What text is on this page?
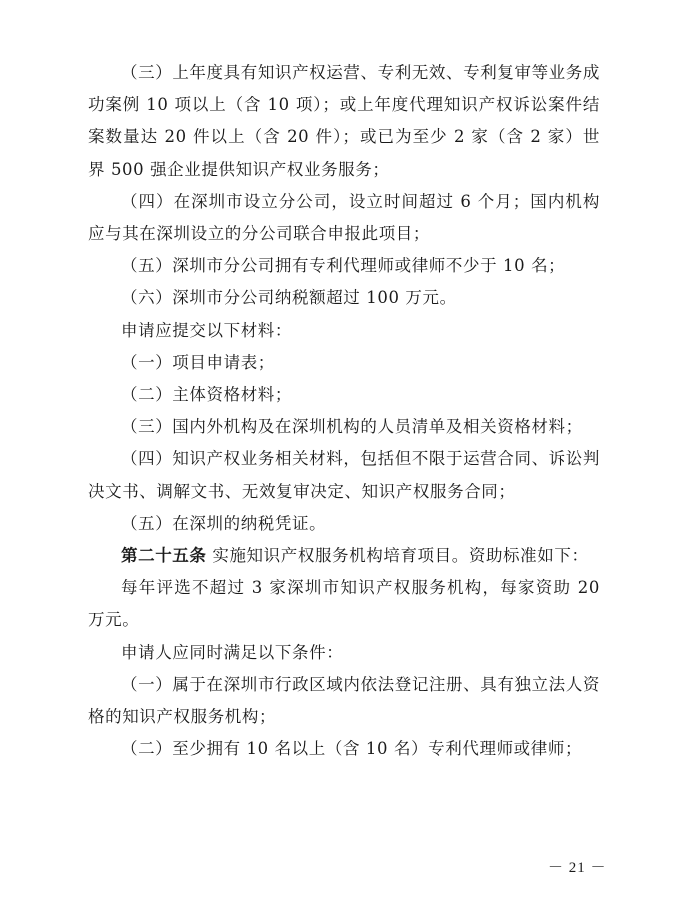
（三）上年度具有知识产权运营、专利无效、专利复审等业务成功案例 10 项以上（含 10 项）；或上年度代理知识产权诉讼案件结案数量达 20 件以上（含 20 件）；或已为至少 2 家（含 2 家）世界 500 强企业提供知识产权业务服务；

（四）在深圳市设立分公司，设立时间超过 6 个月；国内机构应与其在深圳设立的分公司联合申报此项目；

（五）深圳市分公司拥有专利代理师或律师不少于 10 名；

（六）深圳市分公司纳税额超过 100 万元。

申请应提交以下材料：

（一）项目申请表；

（二）主体资格材料；

（三）国内外机构及在深圳机构的人员清单及相关资格材料；

（四）知识产权业务相关材料，包括但不限于运营合同、诉讼判决文书、调解文书、无效复审决定、知识产权服务合同；

（五）在深圳的纳税凭证。

第二十五条 实施知识产权服务机构培育项目。资助标准如下：

每年评选不超过 3 家深圳市知识产权服务机构，每家资助 20 万元。

申请人应同时满足以下条件：

（一）属于在深圳市行政区域内依法登记注册、具有独立法人资格的知识产权服务机构；

（二）至少拥有 10 名以上（含 10 名）专利代理师或律师；

－ 21 －
